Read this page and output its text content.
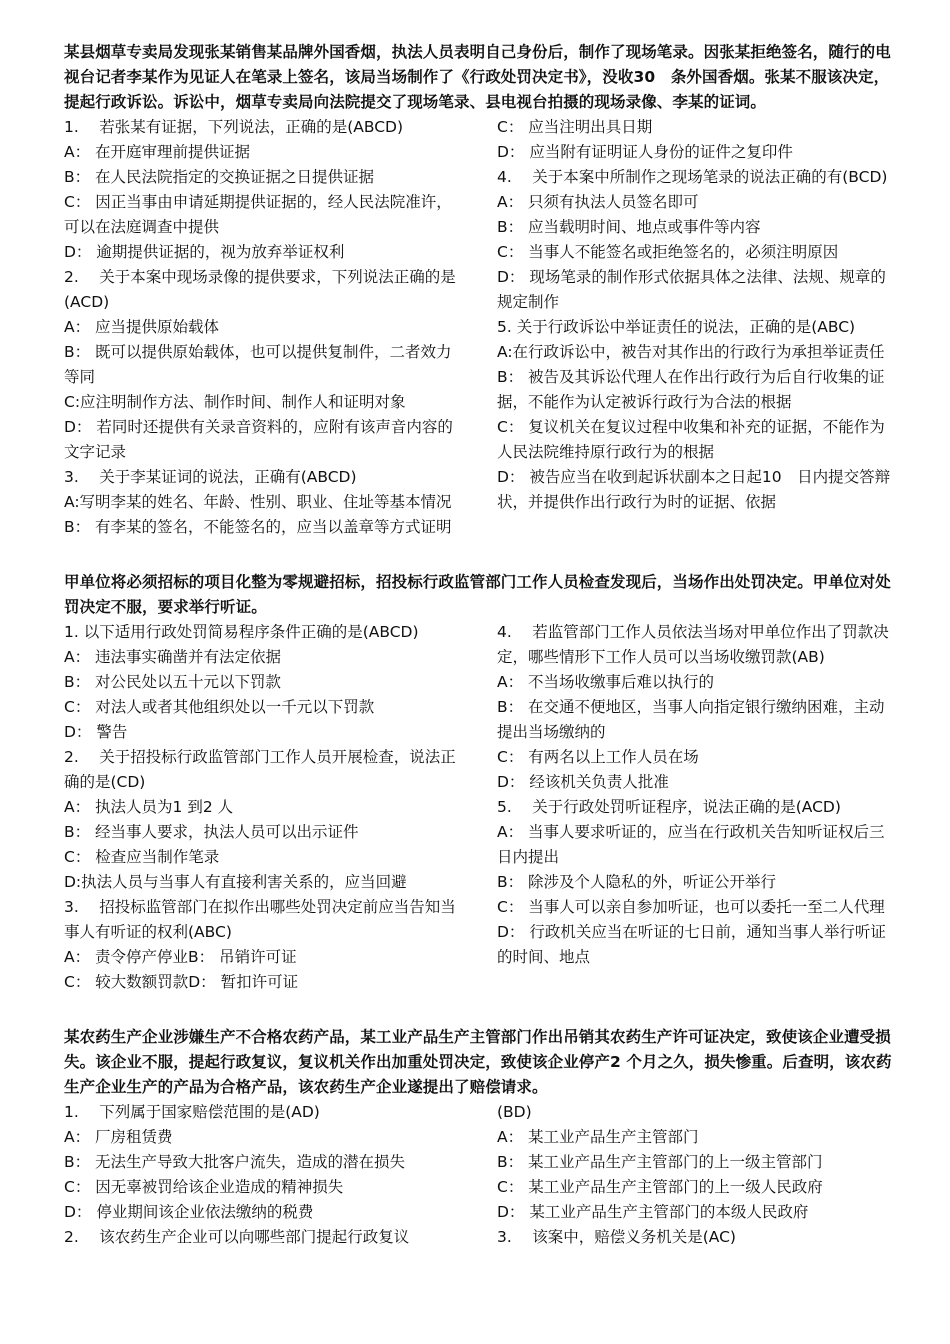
某县烟草专卖局发现张某销售某品牌外国香烟，执法人员表明自己身份后，制作了现场笔录。因张某拒绝签名，随行的电视台记者李某作为见证人在笔录上签名，该局当场制作了《行政处罚决定书》，没收30　条外国香烟。张某不服该决定，提起行政诉讼。诉讼中，烟草专卖局向法院提交了现场笔录、县电视台拍摄的现场录像、李某的证词。

1.　 若张某有证据，下列说法，正确的是(ABCD)

A： 在开庭审理前提供证据

B： 在人民法院指定的交换证据之日提供证据

C： 因正当事由申请延期提供证据的，经人民法院准许，可以在法庭调查中提供

D： 逾期提供证据的，视为放弃举证权利

2.　 关于本案中现场录像的提供要求，下列说法正确的是(ACD)

A： 应当提供原始载体

B： 既可以提供原始载体，也可以提供复制件，二者效力等同

C:应注明制作方法、制作时间、制作人和证明对象

D： 若同时还提供有关录音资料的，应附有该声音内容的文字记录

3.　 关于李某证词的说法，正确有(ABCD)

A:写明李某的姓名、年龄、性别、职业、住址等基本情况

B： 有李某的签名，不能签名的，应当以盖章等方式证明

C： 应当注明出具日期

D： 应当附有证明证人身份的证件之复印件

4.　 关于本案中所制作之现场笔录的说法正确的有(BCD)

A： 只须有执法人员签名即可

B： 应当载明时间、地点或事件等内容

C： 当事人不能签名或拒绝签名的，必须注明原因

D： 现场笔录的制作形式依据具体之法律、法规、规章的规定制作

5. 关于行政诉讼中举证责任的说法，正确的是(ABC)

A:在行政诉讼中，被告对其作出的行政行为承担举证责任

B： 被告及其诉讼代理人在作出行政行为后自行收集的证据，不能作为认定被诉行政行为合法的根据

C： 复议机关在复议过程中收集和补充的证据，不能作为人民法院维持原行政行为的根据

D： 被告应当在收到起诉状副本之日起10　日内提交答辩状，并提供作出行政行为时的证据、依据

甲单位将必须招标的项目化整为零规避招标，招投标行政监管部门工作人员检查发现后，当场作出处罚决定。甲单位对处罚决定不服，要求举行听证。

1. 以下适用行政处罚简易程序条件正确的是(ABCD)

A： 违法事实确凿并有法定依据

B： 对公民处以五十元以下罚款

C： 对法人或者其他组织处以一千元以下罚款

D： 警告

2.　 关于招投标行政监管部门工作人员开展检查，说法正确的是(CD)

A： 执法人员为1 到2 人

B： 经当事人要求，执法人员可以出示证件

C： 检查应当制作笔录

D:执法人员与当事人有直接利害关系的，应当回避

3.　 招投标监管部门在拟作出哪些处罚决定前应当告知当事人有听证的权利(ABC)

A： 责令停产停业B： 吊销许可证

C： 较大数额罚款D： 暂扣许可证

4.　 若监管部门工作人员依法当场对甲单位作出了罚款决定，哪些情形下工作人员可以当场收缴罚款(AB)

A： 不当场收缴事后难以执行的

B： 在交通不便地区，当事人向指定银行缴纳困难，主动提出当场缴纳的

C： 有两名以上工作人员在场

D： 经该机关负责人批准

5.　 关于行政处罚听证程序，说法正确的是(ACD)

A： 当事人要求听证的，应当在行政机关告知听证权后三日内提出

B： 除涉及个人隐私的外，听证公开举行

C： 当事人可以亲自参加听证，也可以委托一至二人代理

D： 行政机关应当在听证的七日前，通知当事人举行听证的时间、地点

某农药生产企业涉嫌生产不合格农药产品，某工业产品生产主管部门作出吊销其农药生产许可证决定，致使该企业遭受损失。该企业不服，提起行政复议，复议机关作出加重处罚决定，致使该企业停产2 个月之久，损失惨重。后查明，该农药生产企业生产的产品为合格产品，该农药生产企业遂提出了赔偿请求。

1.　 下列属于国家赔偿范围的是(AD)

A： 厂房租赁费

B： 无法生产导致大批客户流失，造成的潜在损失

C： 因无辜被罚给该企业造成的精神损失

D： 停业期间该企业依法缴纳的税费

2.　 该农药生产企业可以向哪些部门提起行政复议

(BD)

A： 某工业产品生产主管部门

B： 某工业产品生产主管部门的上一级主管部门

C： 某工业产品生产主管部门的上一级人民政府

D： 某工业产品生产主管部门的本级人民政府

3.　 该案中，赔偿义务机关是(AC)
